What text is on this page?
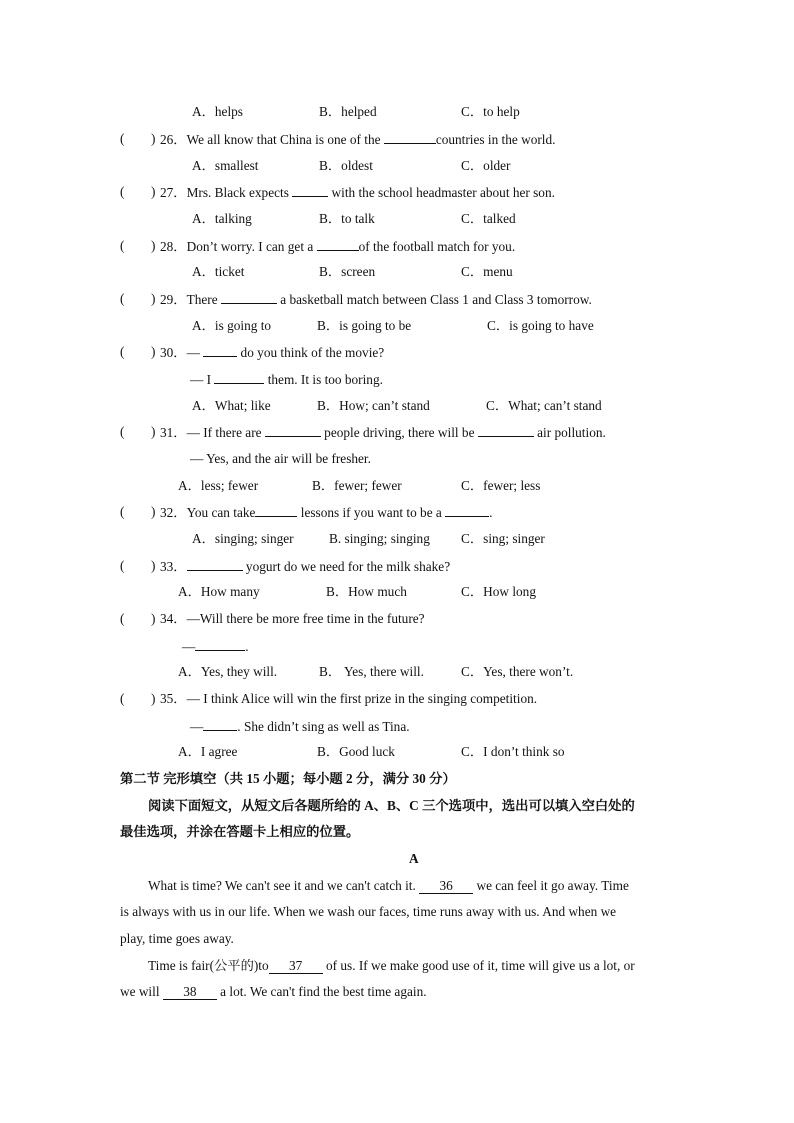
A．helps	B．helped	C．to help
( ) 26．We all know that China is one of the	countries in the world.
A．smallest	B．oldest	C．older
( ) 27．Mrs. Black expects	with the school headmaster about her son.
A．talking	B．to talk	C．talked
( ) 28．Don’t worry. I can get a	of the football match for you.
A．ticket	B．screen	C．menu
( ) 29．There	a basketball match between Class 1 and Class 3 tomorrow.
A．is going to	B．is going to be	C．is going to have
( ) 30．—	do you think of the movie?
— I	them. It is too boring.
A．What; like	B．How; can’t stand	C．What; can’t stand
( ) 31．— If there are	people driving, there will be	air pollution.
— Yes, and the air will be fresher.
A．less; fewer	B．fewer; fewer	C．fewer; less
( ) 32．You can take	lessons if you want to be a	.
A．singing; singer	B. singing; singing C．sing; singer
( ) 33．	yogurt do we need for the milk shake?
A．How many	B．How much	C．How long
( ) 34．—Will there be more free time in the future?
—	.
A．Yes, they will.	B． Yes, there will.	C．Yes, there won’t.
( ) 35．— I think Alice will win the first prize in the singing competition.
—	. She didn’t sing as well as Tina.
A．I agree	B．Good luck	C．I don’t think so
第二节 完形填空（共 15 小题；每小题 2 分，满分 30 分）
阅读下面短文，从短文后各题所给的 A、B、C 三个选项中，选出可以填入空白处的
最佳选项，并涂在答题卡上相应的位置。
A
What is time? We can't see it and we can't catch it. 36 we can feel it go away. Time
is always with us in our life. When we wash our faces, time runs away with us. And when we
play, time goes away.
Time is fair(公平的)to 37 of us. If we make good use of it, time will give us a lot, or
we will 38 a lot. We can't find the best time again.
